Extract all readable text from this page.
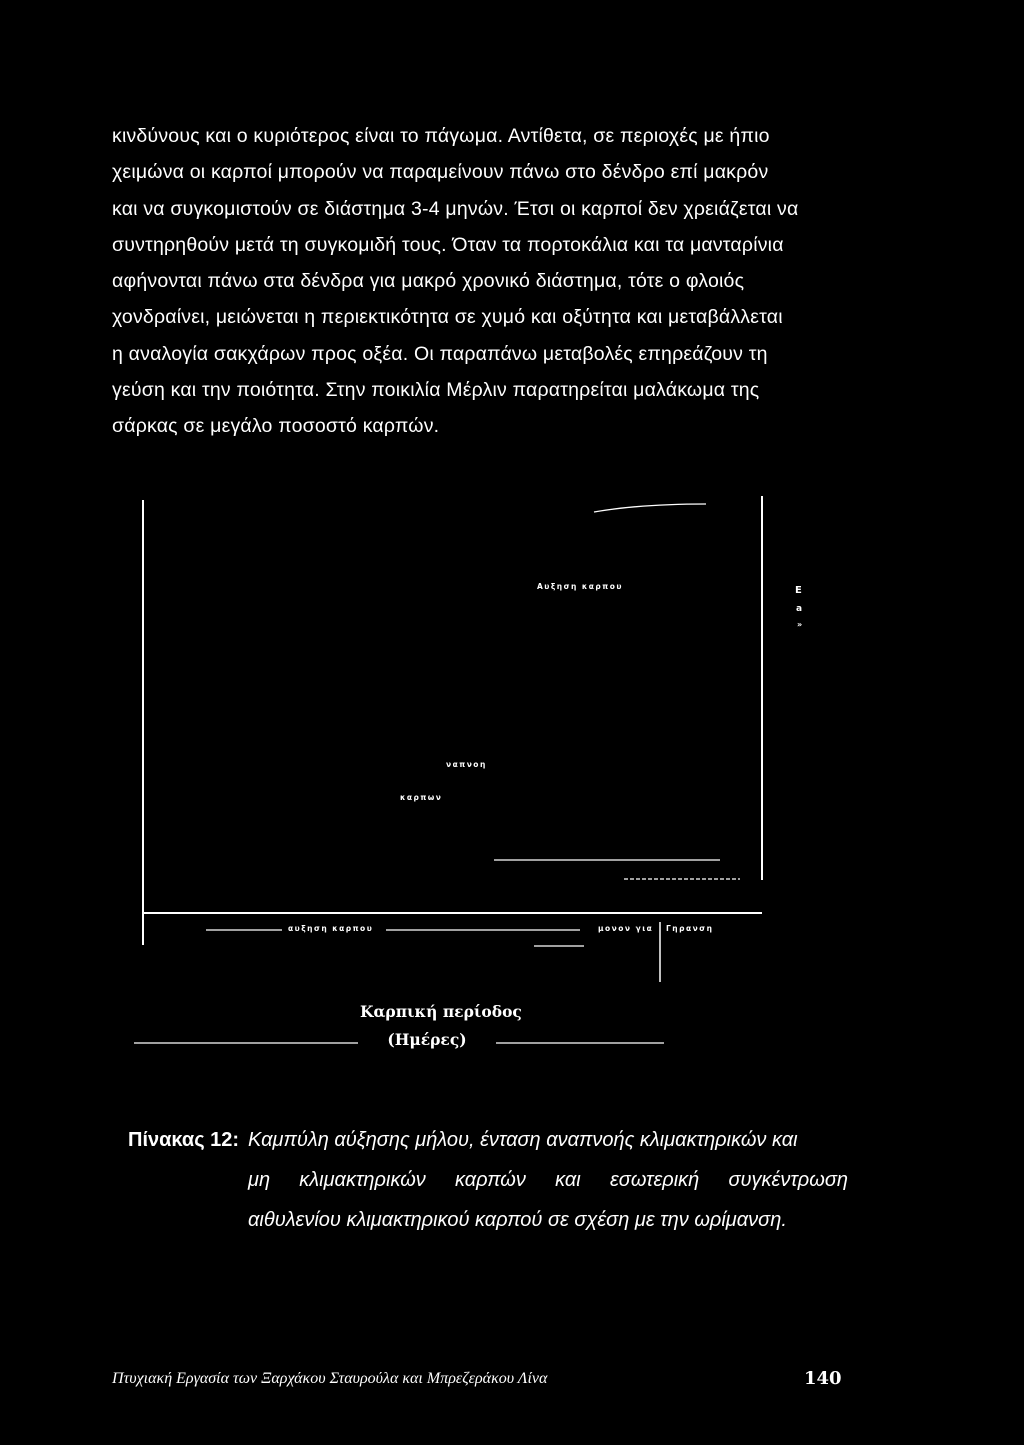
κινδύνους και ο κυριότερος είναι το πάγωμα. Αντίθετα, σε περιοχές με ήπιο
χειμώνα οι καρποί μπορούν να παραμείνουν πάνω στο δένδρο επί μακρόν
και να συγκομιστούν σε διάστημα 3-4 μηνών. Έτσι οι καρποί δεν χρειάζεται να
συντηρηθούν μετά τη συγκομιδή τους. Όταν τα πορτοκάλια και τα μανταρίνια
αφήνονται πάνω στα δένδρα για μακρό χρονικό διάστημα, τότε ο φλοιός
χονδραίνει, μειώνεται η περιεκτικότητα σε χυμό και οξύτητα και μεταβάλλεται
η αναλογία σακχάρων προς οξέα. Οι παραπάνω μεταβολές επηρεάζουν τη
γεύση και την ποιότητα. Στην ποικιλία Μέρλιν παρατηρείται μαλάκωμα της
σάρκας σε μεγάλο ποσοστό καρπών.
Αυξηση καρπου	E
a
»
ναπνοη
καρπων
αυξηση καρπου	μονον για Γηρανση
Καρπική περίοδος
(Ημέρες)
Πίνακας 12: Καμπύλη αύξησης μήλου, ένταση αναπνοής κλιμακτηρικών και
μη κλιμακτηρικών καρπών και εσωτερική συγκέντρωση
αιθυλενίου κλιμακτηρικού καρπού σε σχέση με την ωρίμανση.
Πτυχιακή Εργασία των Ξαρχάκου Σταυρούλα και Μπρεζεράκου Λίνα	140
